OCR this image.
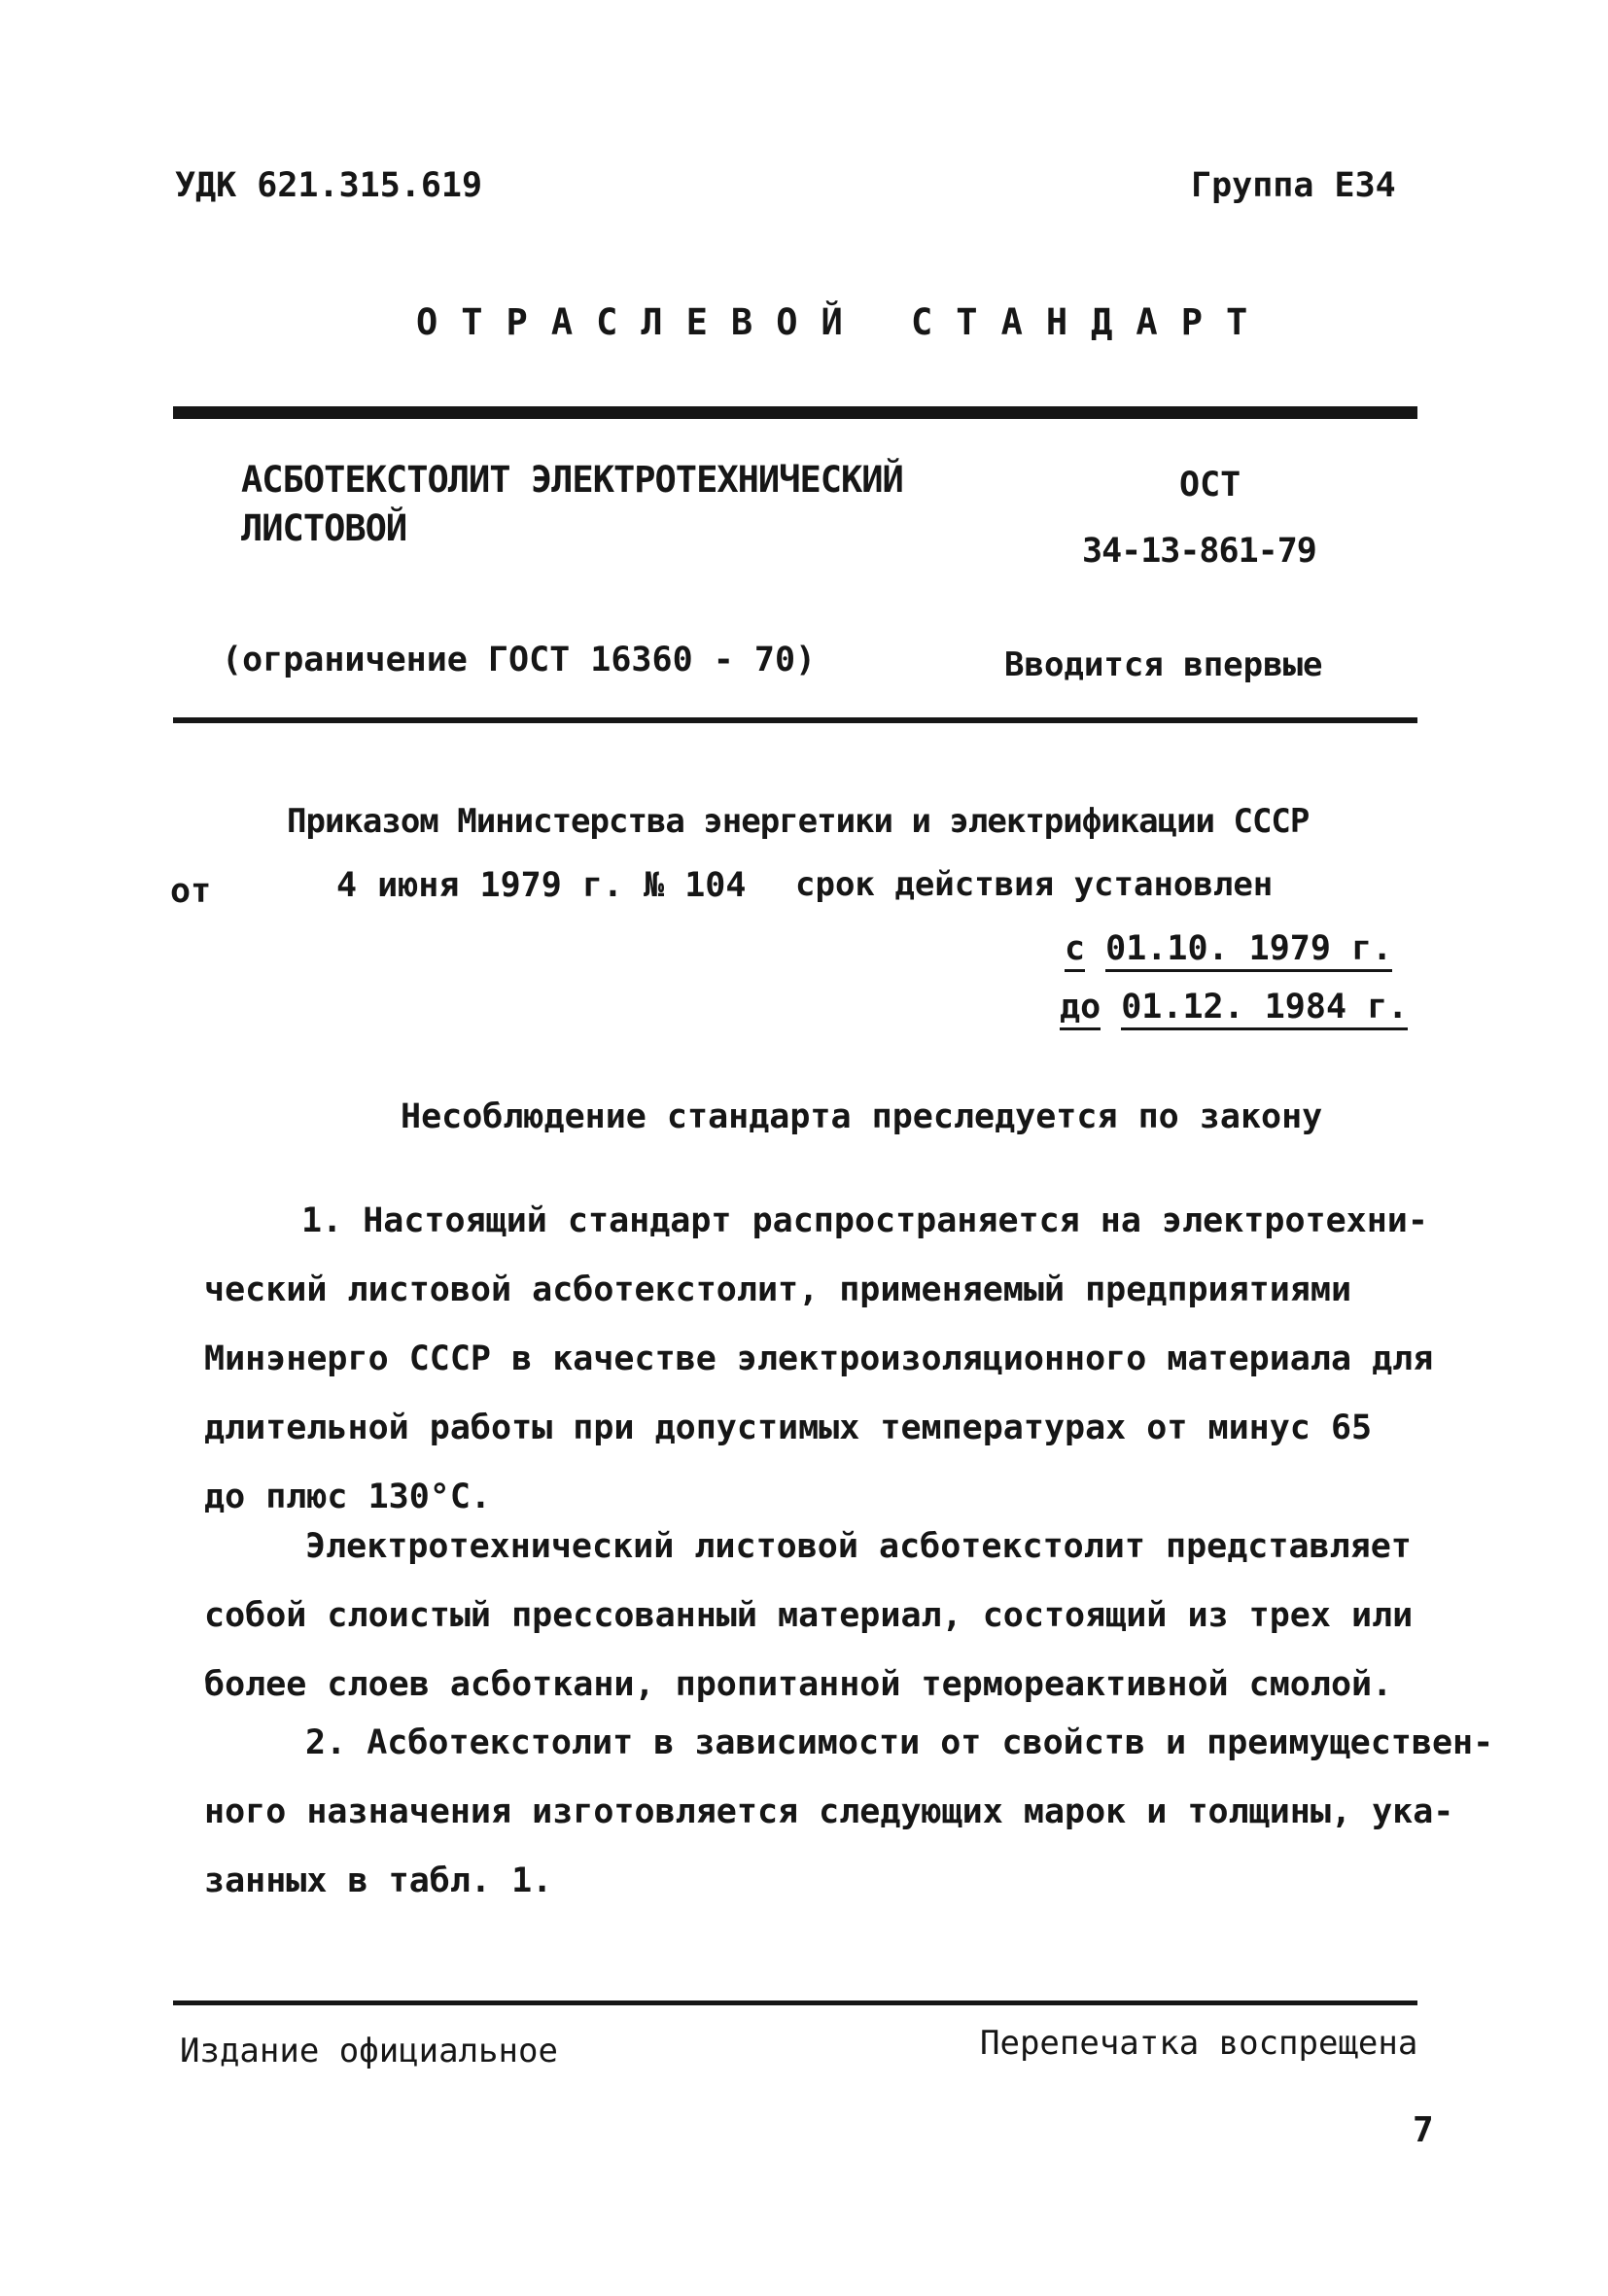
УДК 621.315.619	Группа Е34
ОТРАСЛЕВОЙ СТАНДАРТ
АСБОТЕКСТОЛИТ ЭЛЕКТРОТЕХНИЧЕСКИЙ
ЛИСТОВОЙ
ОСТ
34-13-861-79
(ограничение ГОСТ 16360 - 70)	Вводится впервые
Приказом Министерства энергетики и электрификации СССР
от	4 июня 1979 г. № 104 срок действия установлен
с 01.10. 1979 г.
до 01.12. 1984 г.
Несоблюдение стандарта преследуется по закону
1. Настоящий стандарт распространяется на электротехни-
ческий листовой асботекстолит, применяемый предприятиями
Минэнерго СССР в качестве электроизоляционного материала для
длительной работы при допустимых температурах от минус 65
до плюс 130°С.
Электротехнический листовой асботекстолит представляет
собой слоистый прессованный материал, состоящий из трех или
более слоев асботкани, пропитанной термореактивной смолой.
2. Асботекстолит в зависимости от свойств и преимуществен-
ного назначения изготовляется следующих марок и толщины, ука-
занных в табл. 1.
Издание официальное	Перепечатка воспрещена
7
